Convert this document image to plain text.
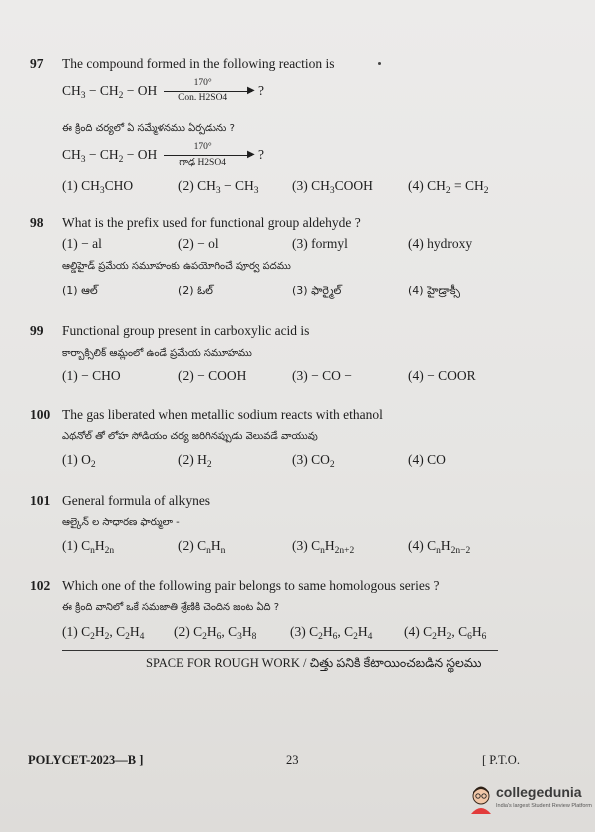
97 The compound formed in the following reaction is
$CH_3 - CH_2$ − OH
170°
▶
Con. H2SO4	?
ఈ క్రింది చర్యలో ఏ సమ్మేళనము ఏర్పడును ?
$CH_3 - CH_2$ − OH
170°
▶
గాఢ H2SO4
?
(1) $CH_3CHO$	(2) $CH_3 - CH_3$ (3) $CH_3COOH$	(4) $CH_2 = CH_2$
98 What is the prefix used for functional group aldehyde ?
(1) − al	(2) − ol	(3) formyl	(4) hydroxy
ఆల్డిహైడ్ ప్రమేయ సమూహంకు ఉపయోగించే పూర్వ పదము
(1) ఆల్	(2) ఓల్	(3) ఫార్మైల్	(4) హైడ్రాక్సీ
99 Functional group present in carboxylic acid is
కార్బాక్సిలిక్ ఆమ్లంలో ఉండే ప్రమేయ సమూహము
(1) − CHO	(2) − COOH	(3) − CO −	(4) − COOR
100 The gas liberated when metallic sodium reacts with ethanol
ఎథనోల్ తో లోహ సోడియం చర్య జరిగినప్పుడు వెలువడే వాయువు
(1) $O_2$	(2) $H_2$	(3) $CO_2$	(4) CO
101 General formula of alkynes
ఆల్కైన్ ల సాధారణ ఫార్ములా -
(1) $C_nH_{2n}$	(2) $C_nH_n$	(3) $C_nH_{2n+2}$	(4) $C_nH_{2n-2}$
102 Which one of the following pair belongs to same homologous series ?
ఈ క్రింది వానిలో ఒకే సమజాతి శ్రేణికి చెందిన జంట ఏది ?
(1) $C_2H_2$, $C_2H_4$ (2) $C_2H_6$, $C_3H_8$ (3) $C_2H_6$, $C_2H_4$ (4) $C_2H_2$, $C_6H_6$
SPACE FOR ROUGH WORK / చిత్తు పనికి కేటాయించబడిన స్థలము
POLYCET-2023—B ]	23	[ P.T.O.
collegedunia
India's largest Student Review Platform
